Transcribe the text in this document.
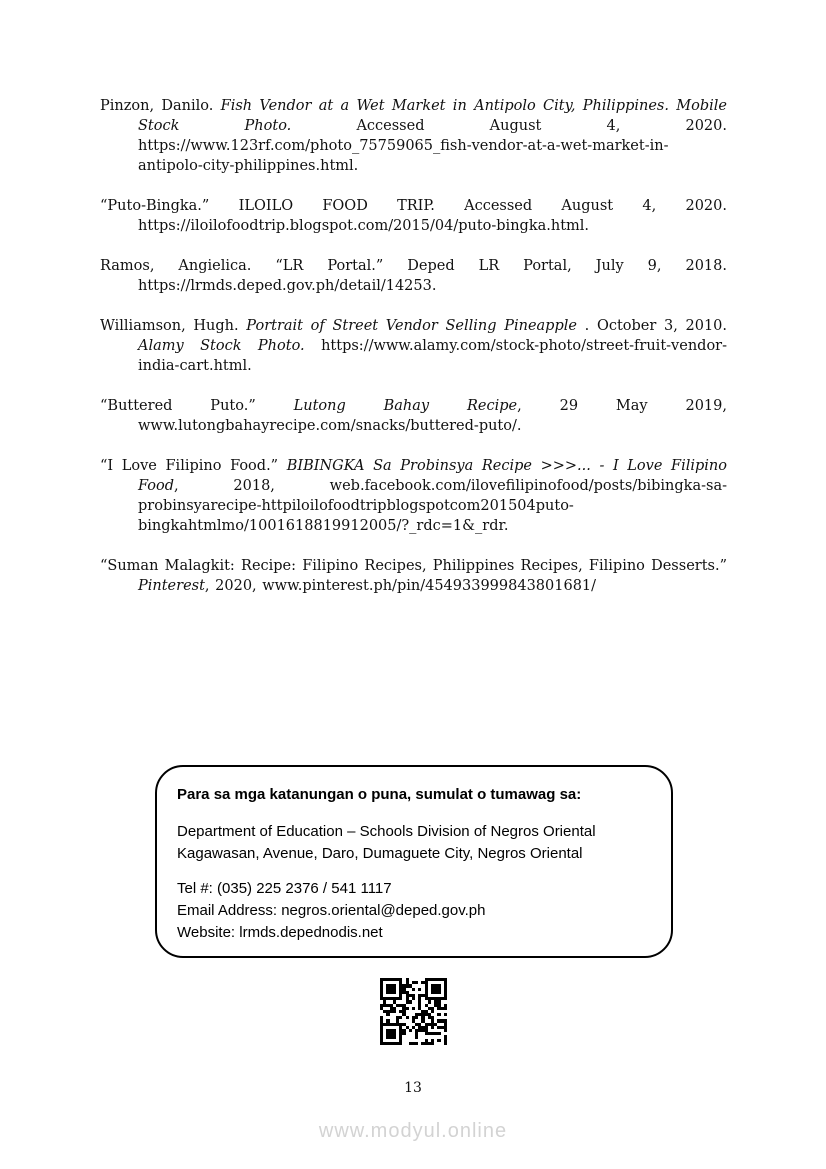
Pinzon, Danilo. Fish Vendor at a Wet Market in Antipolo City, Philippines. Mobile Stock Photo. Accessed August 4, 2020. https://www.123rf.com/photo_75759065_fish-vendor-at-a-wet-market-in-antipolo-city-philippines.html.

“Puto-Bingka.” ILOILO FOOD TRIP. Accessed August 4, 2020. https://iloilofoodtrip.blogspot.com/2015/04/puto-bingka.html.

Ramos, Angielica. “LR Portal.” Deped LR Portal, July 9, 2018. https://lrmds.deped.gov.ph/detail/14253.

Williamson, Hugh. Portrait of Street Vendor Selling Pineapple . October 3, 2010. Alamy Stock Photo. https://www.alamy.com/stock-photo/street-fruit-vendor-india-cart.html.

“Buttered Puto.” Lutong Bahay Recipe, 29 May 2019, www.lutongbahayrecipe.com/snacks/buttered-puto/.

“I Love Filipino Food.” BIBINGKA Sa Probinsya Recipe >>>... - I Love Filipino Food, 2018, web.facebook.com/ilovefilipinofood/posts/bibingka-sa-probinsyarecipe-httpiloilofoodtripblogspotcom201504puto-bingkahtmlmo/1001618819912005/?_rdc=1&_rdr.

“Suman Malagkit: Recipe: Filipino Recipes, Philippines Recipes, Filipino Desserts.” Pinterest, 2020, www.pinterest.ph/pin/454933999843801681/

Para sa mga katanungan o puna, sumulat o tumawag sa:

Department of Education – Schools Division of Negros Oriental

Kagawasan, Avenue, Daro, Dumaguete City, Negros Oriental

Tel #: (035) 225 2376 / 541 1117

Email Address: negros.oriental@deped.gov.ph

Website: lrmds.depednodis.net

13
www.modyul.online
